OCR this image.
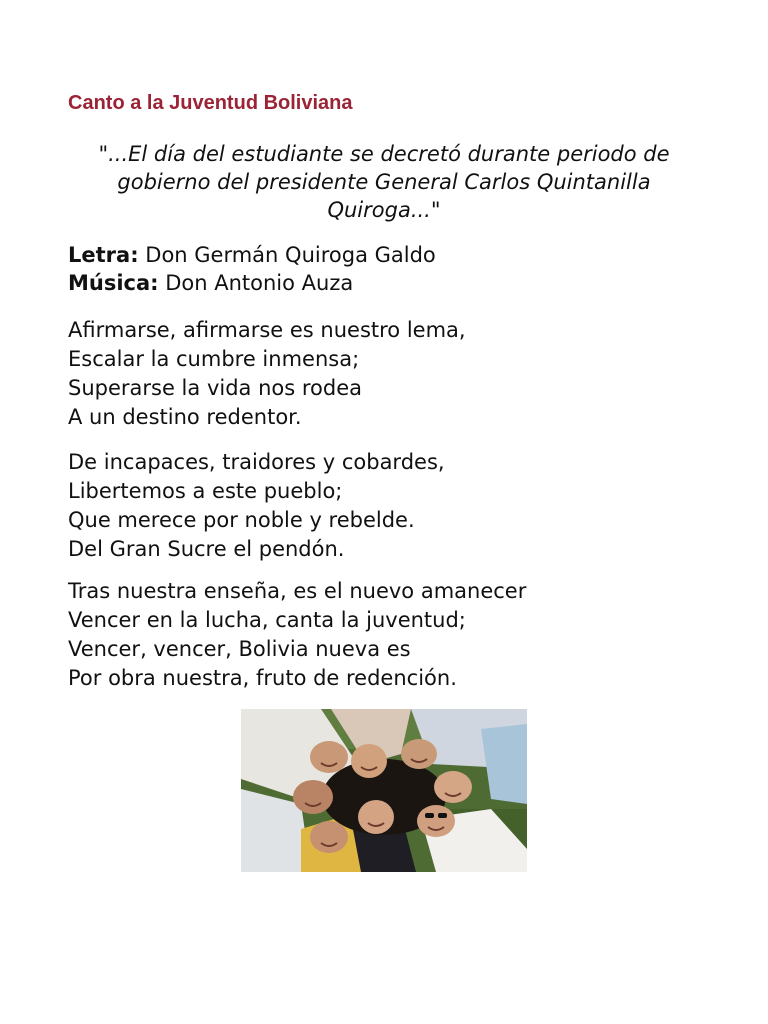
Canto a la Juventud Boliviana
"...El día del estudiante se decretó durante periodo de
gobierno del presidente General Carlos Quintanilla
Quiroga..."
Letra: Don Germán Quiroga Galdo
Música: Don Antonio Auza
Afirmarse, afirmarse es nuestro lema,
Escalar la cumbre inmensa;
Superarse la vida nos rodea
A un destino redentor.
De incapaces, traidores y cobardes,
Libertemos a este pueblo;
Que merece por noble y rebelde.
Del Gran Sucre el pendón.
Tras nuestra enseña, es el nuevo amanecer
Vencer en la lucha, canta la juventud;
Vencer, vencer, Bolivia nueva es
Por obra nuestra, fruto de redención.
